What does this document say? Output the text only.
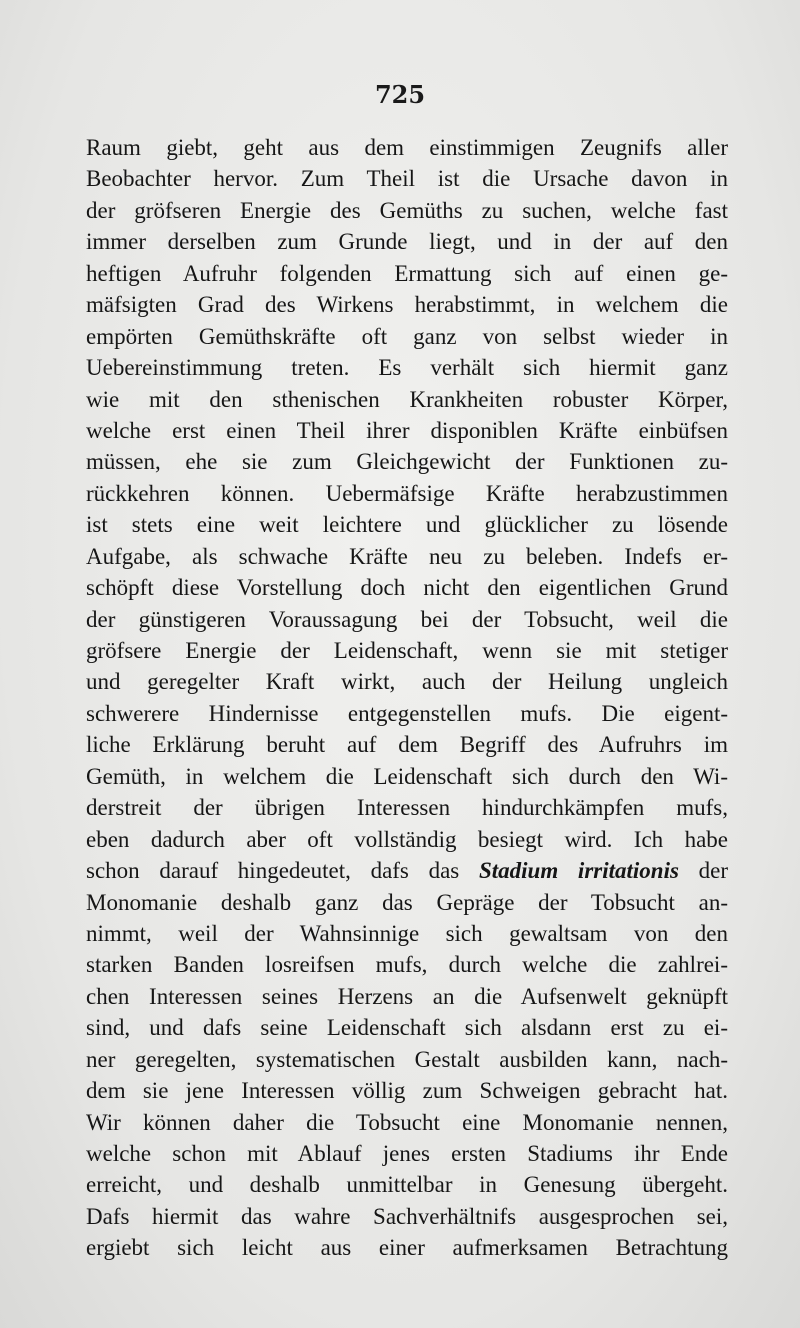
725
Raum giebt, geht aus dem einstimmigen Zeugnifs aller
Beobachter hervor. Zum Theil ist die Ursache davon in
der gröfseren Energie des Gemüths zu suchen, welche fast
immer derselben zum Grunde liegt, und in der auf den
heftigen Aufruhr folgenden Ermattung sich auf einen ge-
mäfsigten Grad des Wirkens herabstimmt, in welchem die
empörten Gemüthskräfte oft ganz von selbst wieder in
Uebereinstimmung treten. Es verhält sich hiermit ganz
wie mit den sthenischen Krankheiten robuster Körper,
welche erst einen Theil ihrer disponiblen Kräfte einbüfsen
müssen, ehe sie zum Gleichgewicht der Funktionen zu-
rückkehren können. Uebermäfsige Kräfte herabzustimmen
ist stets eine weit leichtere und glücklicher zu lösende
Aufgabe, als schwache Kräfte neu zu beleben. Indefs er-
schöpft diese Vorstellung doch nicht den eigentlichen Grund
der günstigeren Voraussagung bei der Tobsucht, weil die
gröfsere Energie der Leidenschaft, wenn sie mit stetiger
und geregelter Kraft wirkt, auch der Heilung ungleich
schwerere Hindernisse entgegenstellen mufs. Die eigent-
liche Erklärung beruht auf dem Begriff des Aufruhrs im
Gemüth, in welchem die Leidenschaft sich durch den Wi-
derstreit der übrigen Interessen hindurchkämpfen mufs,
eben dadurch aber oft vollständig besiegt wird. Ich habe
schon darauf hingedeutet, dafs das Stadium irritationis der
Monomanie deshalb ganz das Gepräge der Tobsucht an-
nimmt, weil der Wahnsinnige sich gewaltsam von den
starken Banden losreifsen mufs, durch welche die zahlrei-
chen Interessen seines Herzens an die Aufsenwelt geknüpft
sind, und dafs seine Leidenschaft sich alsdann erst zu ei-
ner geregelten, systematischen Gestalt ausbilden kann, nach-
dem sie jene Interessen völlig zum Schweigen gebracht hat.
Wir können daher die Tobsucht eine Monomanie nennen,
welche schon mit Ablauf jenes ersten Stadiums ihr Ende
erreicht, und deshalb unmittelbar in Genesung übergeht.
Dafs hiermit das wahre Sachverhältnifs ausgesprochen sei,
ergiebt sich leicht aus einer aufmerksamen Betrachtung
